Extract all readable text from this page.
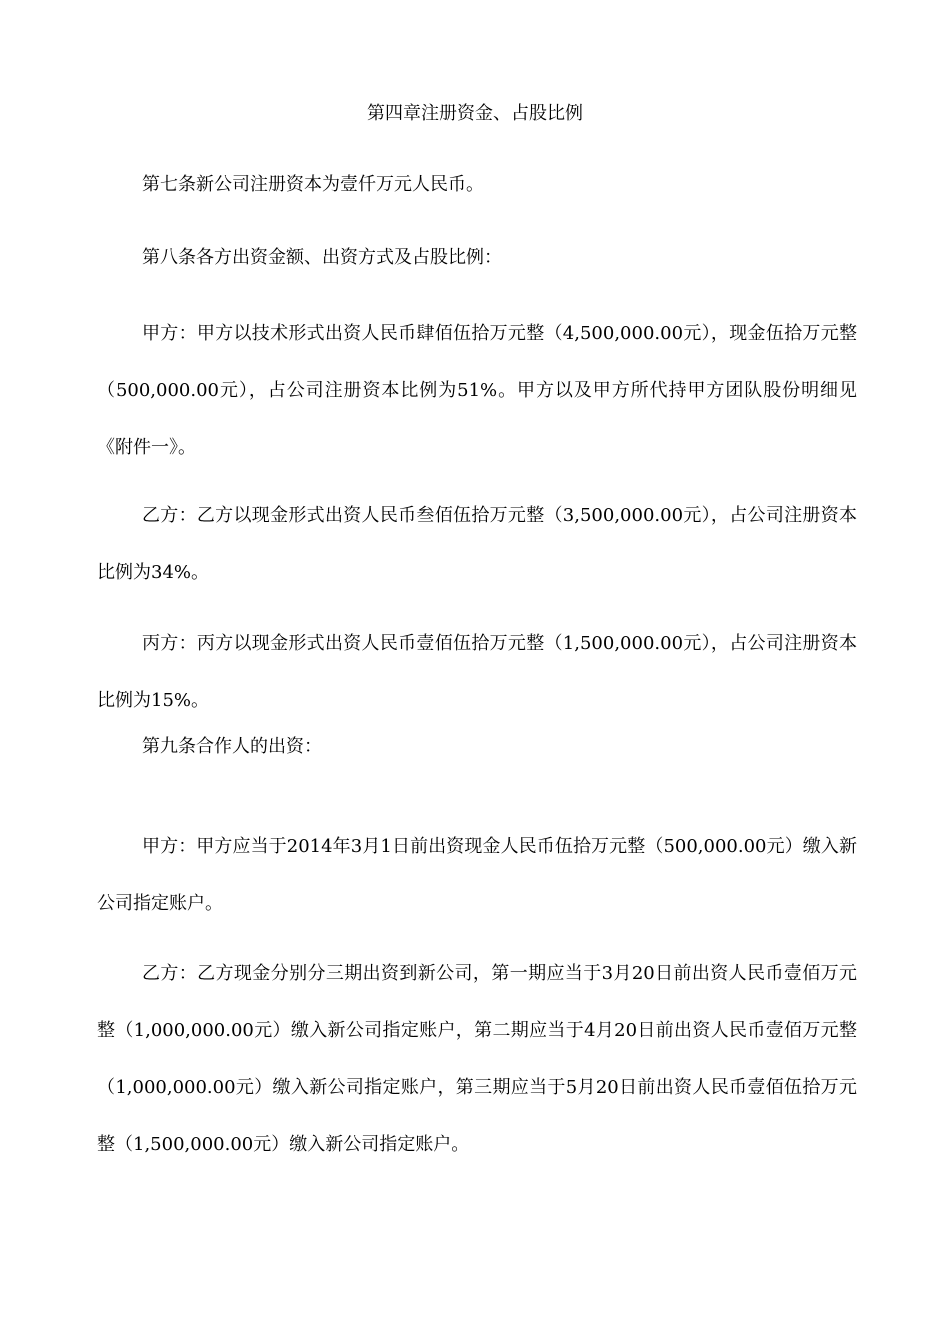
第四章注册资金、占股比例

第七条新公司注册资本为壹仟万元人民币。

第八条各方出资金额、出资方式及占股比例：

甲方：甲方以技术形式出资人民币肆佰伍拾万元整（4,500,000.00元），现金伍拾万元整（500,000.00元），占公司注册资本比例为51%。甲方以及甲方所代持甲方团队股份明细见《附件一》。

乙方：乙方以现金形式出资人民币叁佰伍拾万元整（3,500,000.00元），占公司注册资本比例为34%。

丙方：丙方以现金形式出资人民币壹佰伍拾万元整（1,500,000.00元），占公司注册资本比例为15%。

第九条合作人的出资：

甲方：甲方应当于2014年3月1日前出资现金人民币伍拾万元整（500,000.00元）缴入新公司指定账户。

乙方：乙方现金分别分三期出资到新公司，第一期应当于3月20日前出资人民币壹佰万元整（1,000,000.00元）缴入新公司指定账户，第二期应当于4月20日前出资人民币壹佰万元整（1,000,000.00元）缴入新公司指定账户，第三期应当于5月20日前出资人民币壹佰伍拾万元整（1,500,000.00元）缴入新公司指定账户。
